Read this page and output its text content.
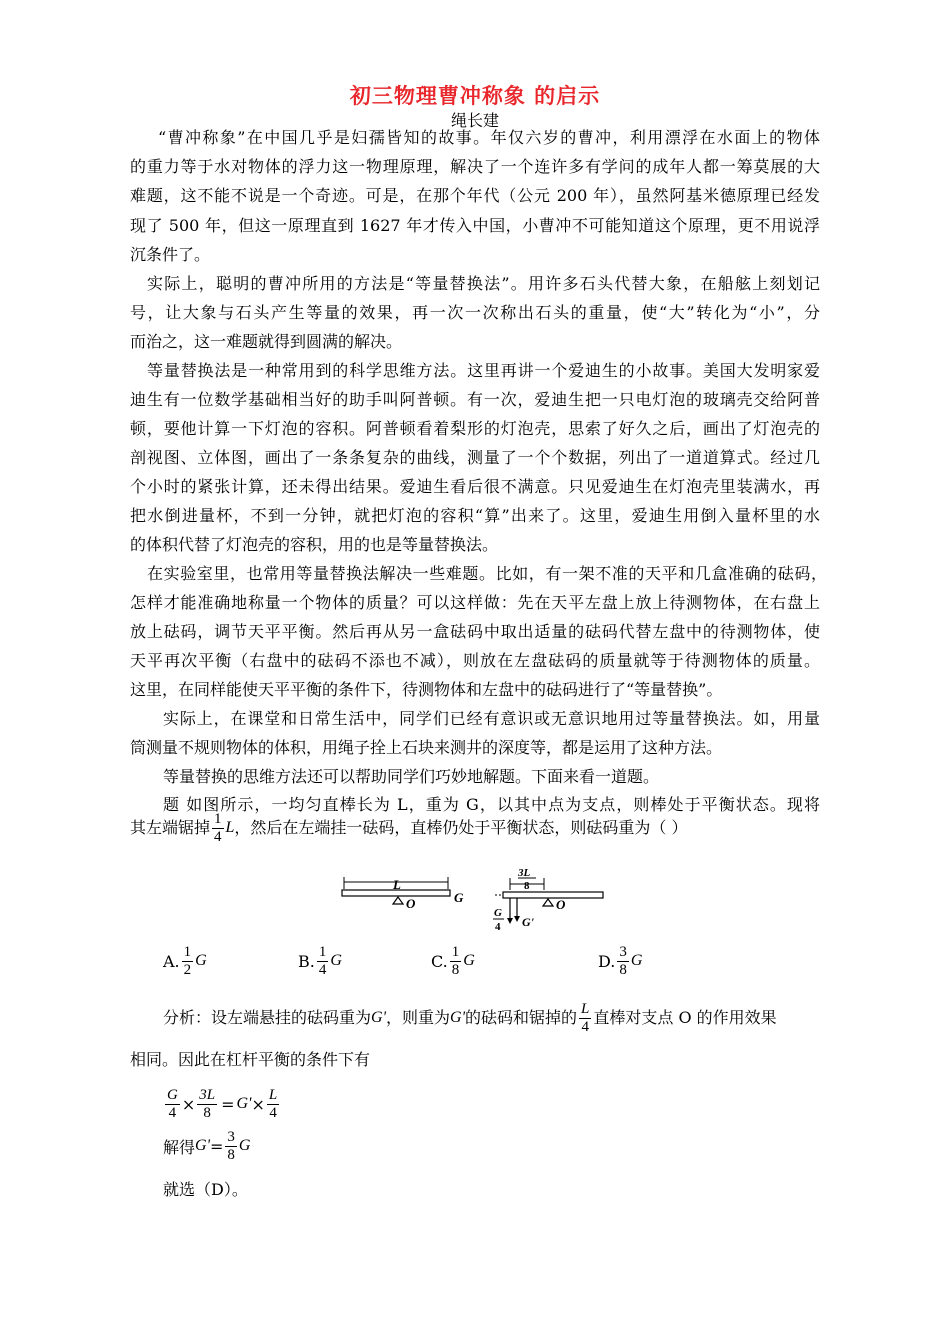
初三物理曹冲称象 的启示
绳长建
“曹冲称象”在中国几乎是妇孺皆知的故事。年仅六岁的曹冲，利用漂浮在水面上的物体
的重力等于水对物体的浮力这一物理原理，解决了一个连许多有学问的成年人都一筹莫展的大
难题，这不能不说是一个奇迹。可是，在那个年代（公元 200 年），虽然阿基米德原理已经发
现了 500 年，但这一原理直到 1627 年才传入中国，小曹冲不可能知道这个原理，更不用说浮
沉条件了。
实际上，聪明的曹冲所用的方法是“等量替换法”。用许多石头代替大象，在船舷上刻划记
号，让大象与石头产生等量的效果，再一次一次称出石头的重量，使“大”转化为“小”，分
而治之，这一难题就得到圆满的解决。
等量替换法是一种常用到的科学思维方法。这里再讲一个爱迪生的小故事。美国大发明家爱
迪生有一位数学基础相当好的助手叫阿普顿。有一次，爱迪生把一只电灯泡的玻璃壳交给阿普
顿，要他计算一下灯泡的容积。阿普顿看着梨形的灯泡壳，思索了好久之后，画出了灯泡壳的
剖视图、立体图，画出了一条条复杂的曲线，测量了一个个数据，列出了一道道算式。经过几
个小时的紧张计算，还未得出结果。爱迪生看后很不满意。只见爱迪生在灯泡壳里装满水，再
把水倒进量杯，不到一分钟，就把灯泡的容积“算”出来了。这里，爱迪生用倒入量杯里的水
的体积代替了灯泡壳的容积，用的也是等量替换法。
在实验室里，也常用等量替换法解决一些难题。比如，有一架不准的天平和几盒准确的砝码，
怎样才能准确地称量一个物体的质量？可以这样做：先在天平左盘上放上待测物体，在右盘上
放上砝码，调节天平平衡。然后再从另一盒砝码中取出适量的砝码代替左盘中的待测物体，使
天平再次平衡（右盘中的砝码不添也不减），则放在左盘砝码的质量就等于待测物体的质量。
这里，在同样能使天平平衡的条件下，待测物体和左盘中的砝码进行了“等量替换”。
实际上，在课堂和日常生活中，同学们已经有意识或无意识地用过等量替换法。如，用量
筒测量不规则物体的体积，用绳子拴上石块来测井的深度等，都是运用了这种方法。
等量替换的思维方法还可以帮助同学们巧妙地解题。下面来看一道题。
题 如图所示，一均匀直棒长为 L，重为 G，以其中点为支点，则棒处于平衡状态。现将
其左端锯掉 $\frac{1}{4}$ L ，然后在左端挂一砝码，直棒仍处于平衡状态，则砝码重为（ ）
L
O	G
3L
8
O
G
4 G'
A. $\frac{1}{2}$ G	B. $\frac{1}{4}$ G	C. $\frac{1}{8}$ G	D. $\frac{3}{8}$ G
分析：设左端悬挂的砝码重为 G' ，则重为 G' 的砝码和锯掉的 $\frac{L}{4}$ 直棒对支点 O 的作用效果
相同。因此在杠杆平衡的条件下有
$\frac{G}{4} \times \frac{3L}{8} = G' \times \frac{L}{4}$
解得 $G' = \frac{3}{8}$ G
就选（D）。
